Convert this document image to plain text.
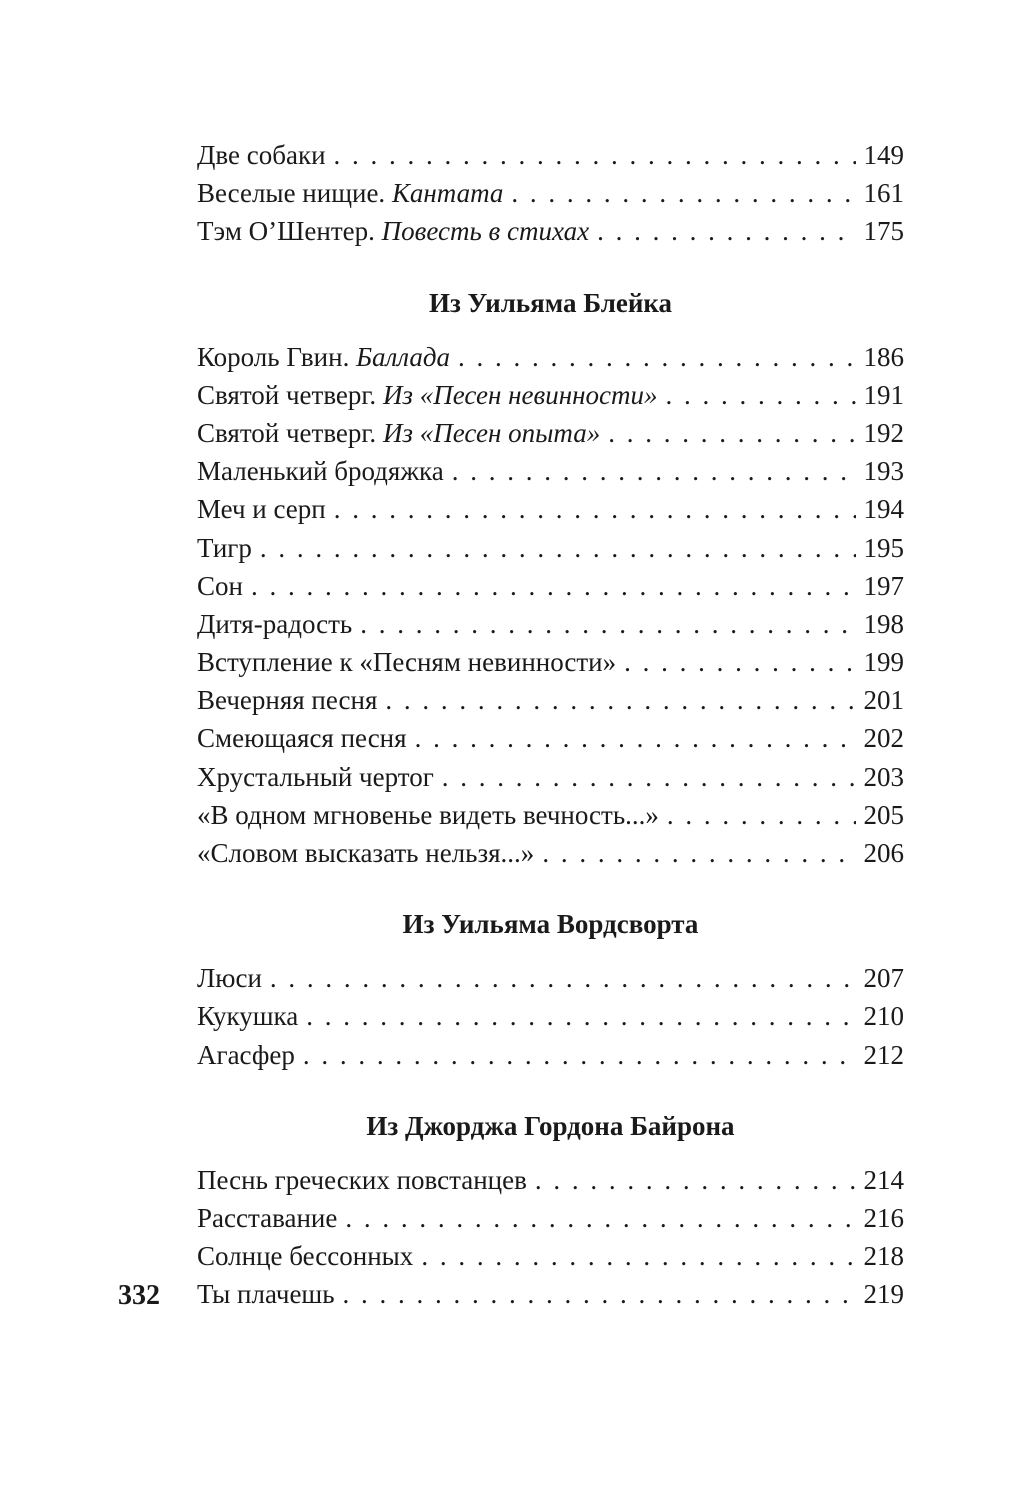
Две собаки . . .	149
Веселые нищие. Кантата . . .	161
Тэм О’Шентер. Повесть в стихах . . .	175
Из Уильяма Блейка
Король Гвин. Баллада . . .	186
Святой четверг. Из «Песен невинности» . . .	191
Святой четверг. Из «Песен опыта» . . .	192
Маленький бродяжка . . .	193
Меч и серп . . .	194
Тигр . . .	195
Сон . . .	197
Дитя-радость . . .	198
Вступление к «Песням невинности» . . .	199
Вечерняя песня . . .	201
Смеющаяся песня . . .	202
Хрустальный чертог . . .	203
«В одном мгновенье видеть вечность...» . . .	205
«Словом высказать нельзя...» . . .	206
Из Уильяма Вордсворта
Люси . . .	207
Кукушка . . .	210
Агасфер . . .	212
Из Джорджа Гордона Байрона
Песнь греческих повстанцев . . .	214
Расставание . . .	216
Солнце бессонных . . .	218
Ты плачешь . . .	219
332
